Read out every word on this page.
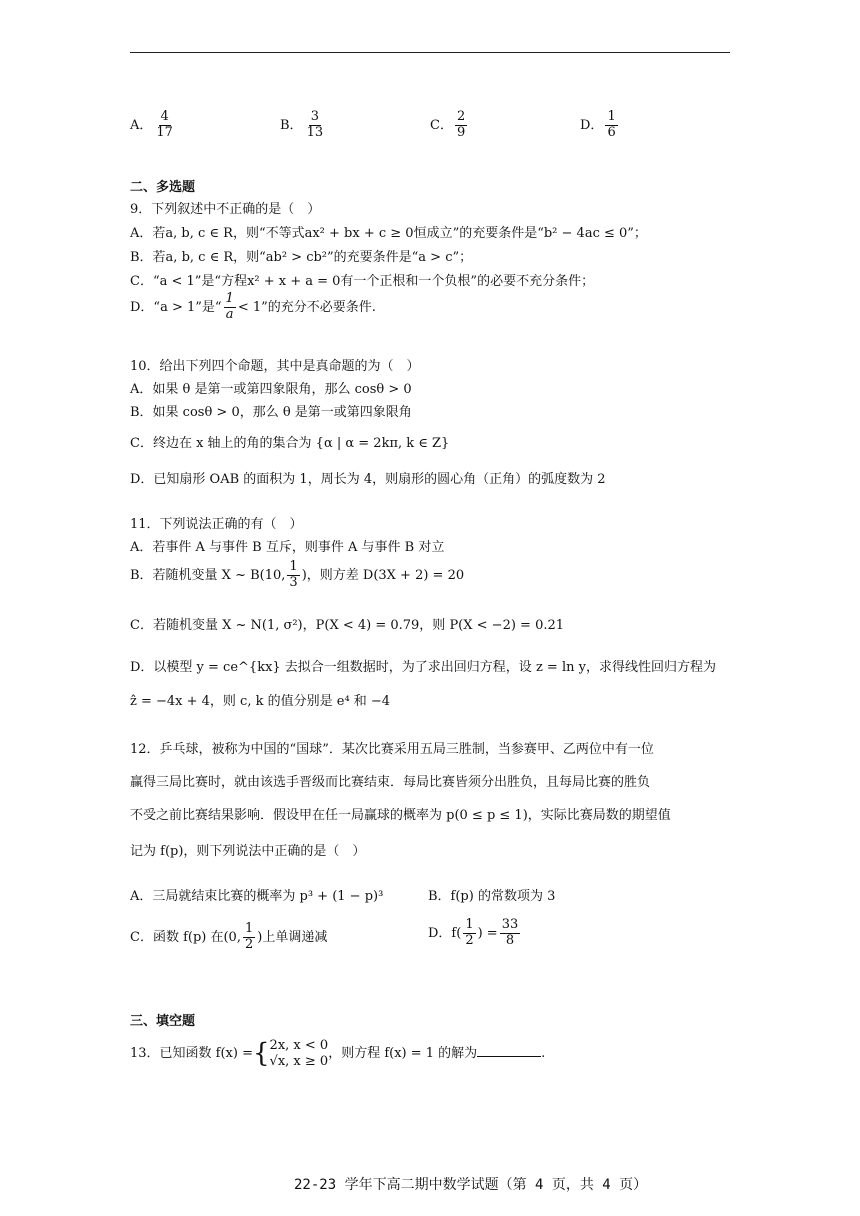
A． $\frac{4}{17}$	B． $\frac{3}{13}$	C． $\frac{2}{9}$	D． $\frac{1}{6}$
二、多选题
9．下列叙述中不正确的是（　）
A．若a, b, c ∈ R，则“不等式ax² + bx + c ≥ 0恒成立”的充要条件是“b² − 4ac ≤ 0”；
B．若a, b, c ∈ R，则“ab² > cb²”的充要条件是“a > c”；
C．“a < 1”是“方程x² + x + a = 0有一个正根和一个负根”的必要不充分条件；
D．“a > 1”是“ $\frac{1}{a} < 1$”的充分不必要条件.
10．给出下列四个命题，其中是真命题的为（　）
A．如果 θ 是第一或第四象限角，那么 cosθ > 0
B．如果 cosθ > 0，那么 θ 是第一或第四象限角
C．终边在 x 轴上的角的集合为 {α | α = 2kπ, k ∈ Z}
D．已知扇形 OAB 的面积为 1，周长为 4，则扇形的圆心角（正角）的弧度数为 2
11．下列说法正确的有（　）
A．若事件 A 与事件 B 互斥，则事件 A 与事件 B 对立
B．若随机变量 X ~ B(10, $\frac{1}{3}$ )，则方差 D(3X + 2) = 20
C．若随机变量 X ~ N(1, σ²)，P(X < 4) = 0.79，则 P(X < −2) = 0.21
D．以模型 y = ce^{kx} 去拟合一组数据时，为了求出回归方程，设 z = ln y，求得线性回归方程为
ẑ = −4x + 4，则 c, k 的值分别是 e⁴ 和 −4
12．乒乓球，被称为中国的“国球”．某次比赛采用五局三胜制，当参赛甲、乙两位中有一位
赢得三局比赛时，就由该选手晋级而比赛结束．每局比赛皆须分出胜负，且每局比赛的胜负
不受之前比赛结果影响．假设甲在任一局赢球的概率为 p(0 ≤ p ≤ 1)，实际比赛局数的期望值
记为 f(p)，则下列说法中正确的是（　）
A．三局就结束比赛的概率为 p³ + (1 − p)³	B．f(p) 的常数项为 3
C．函数 f(p) 在(0, $\frac{1}{2}$ )上单调递减	D．$f( \frac{1}{2}$ ) = $\frac{33}{8}$
三、填空题
13．已知函数 f(x) ={ 2x, x < 0
√x, x ≥ 0 ，则方程 f(x) = 1 的解为	.
22-23 学年下高二期中数学试题（第 4 页，共 4 页）
